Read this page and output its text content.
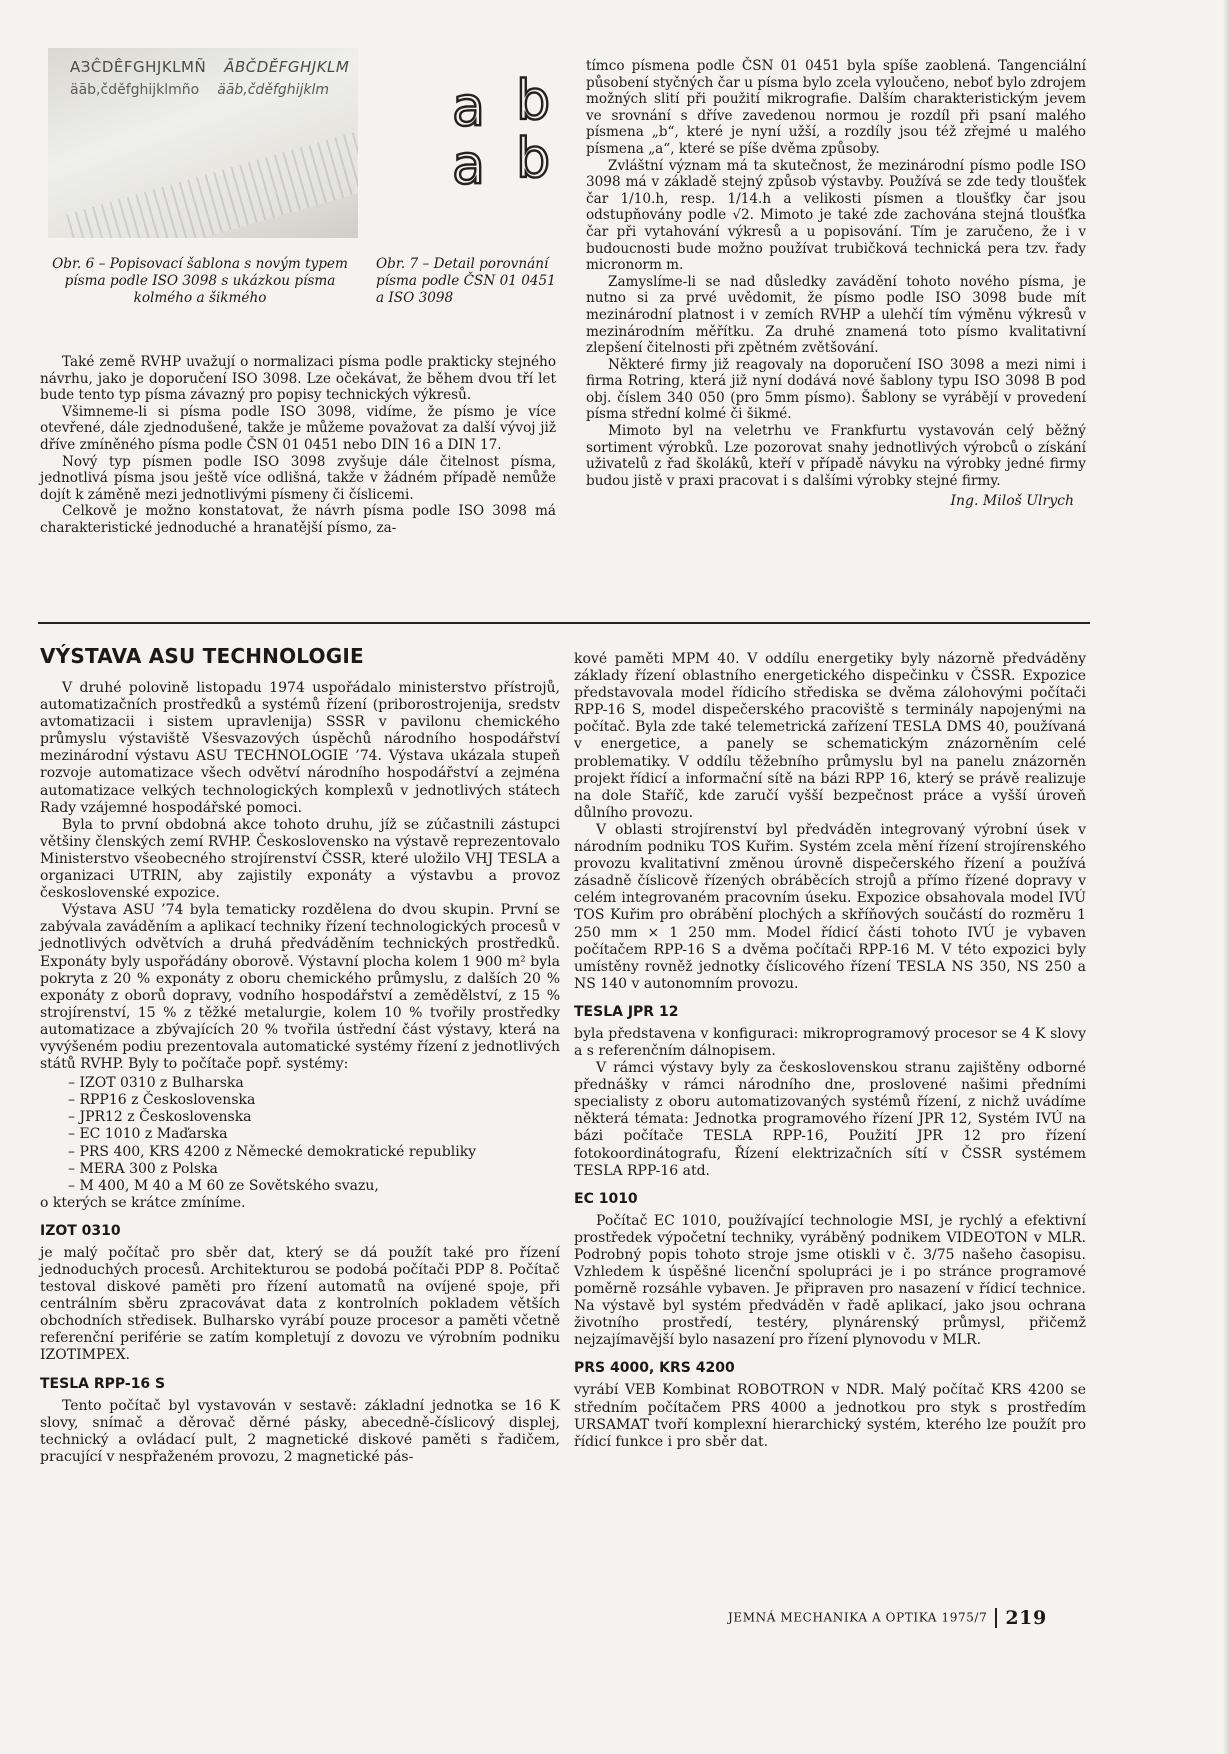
АЗĈDÊFGHJKLMÑ ĀBČDĚFGHJKLM
äāb,čděfghijklmño äāb,čděfghijklm
Obr. 6 – Popisovací šablona s novým typem písma podle ISO 3098 s ukázkou písma kolmého a šikmého
a b
a b
Obr. 7 – Detail porovnání písma podle ČSN 01 0451 a ISO 3098

Také země RVHP uvažují o normalizaci písma podle prakticky stejného návrhu, jako je doporučení ISO 3098. Lze očekávat, že během dvou tří let bude tento typ písma závazný pro popisy technických výkresů.

Všimneme-li si písma podle ISO 3098, vidíme, že písmo je více otevřené, dále zjednodušené, takže je můžeme považovat za další vývoj již dříve zmíněného písma podle ČSN 01 0451 nebo DIN 16 a DIN 17.

Nový typ písmen podle ISO 3098 zvyšuje dále čitelnost písma, jednotlivá písma jsou ještě více odlišná, takže v žádném případě nemůže dojít k záměně mezi jednotlivými písmeny či číslicemi.

Celkově je možno konstatovat, že návrh písma podle ISO 3098 má charakteristické jednoduché a hranatější písmo, za-

tímco písmena podle ČSN 01 0451 byla spíše zaoblená. Tangenciální působení styčných čar u písma bylo zcela vyloučeno, neboť bylo zdrojem možných slití při použití mikrografie. Dalším charakteristickým jevem ve srovnání s dříve zavedenou normou je rozdíl při psaní malého písmena „b“, které je nyní užší, a rozdíly jsou též zřejmé u malého písmena „a“, které se píše dvěma způsoby.

Zvláštní význam má ta skutečnost, že mezinárodní písmo podle ISO 3098 má v základě stejný způsob výstavby. Používá se zde tedy tloušťek čar 1/10.h, resp. 1/14.h a velikosti písmen a tloušťky čar jsou odstupňovány podle √2. Mimoto je také zde zachována stejná tloušťka čar při vytahování výkresů a u popisování. Tím je zaručeno, že i v budoucnosti bude možno používat trubičková technická pera tzv. řady micronorm m.

Zamyslíme-li se nad důsledky zavádění tohoto nového písma, je nutno si za prvé uvědomit, že písmo podle ISO 3098 bude mít mezinárodní platnost i v zemích RVHP a ulehčí tím výměnu výkresů v mezinárodním měřítku. Za druhé znamená toto písmo kvalitativní zlepšení čitelnosti při zpětném zvětšování.

Některé firmy již reagovaly na doporučení ISO 3098 a mezi nimi i firma Rotring, která již nyní dodává nové šablony typu ISO 3098 B pod obj. číslem 340 050 (pro 5mm písmo). Šablony se vyrábějí v provedení písma střední kolmé či šikmé.

Mimoto byl na veletrhu ve Frankfurtu vystavován celý běžný sortiment výrobků. Lze pozorovat snahy jednotlivých výrobců o získání uživatelů z řad školáků, kteří v případě návyku na výrobky jedné firmy budou jistě v praxi pracovat i s dalšími výrobky stejné firmy.

Ing. Miloš Ulrych
VÝSTAVA ASU TECHNOLOGIE

V druhé polovině listopadu 1974 uspořádalo ministerstvo přístrojů, automatizačních prostředků a systémů řízení (priborostrojenija, sredstv avtomatizacii i sistem upravlenija) SSSR v pavilonu chemického průmyslu výstaviště Všesvazových úspěchů národního hospodářství mezinárodní výstavu ASU TECHNOLOGIE ’74. Výstava ukázala stupeň rozvoje automatizace všech odvětví národního hospodářství a zejména automatizace velkých technologických komplexů v jednotlivých státech Rady vzájemné hospodářské pomoci.

Byla to první obdobná akce tohoto druhu, jíž se zúčastnili zástupci většiny členských zemí RVHP. Československo na výstavě reprezentovalo Ministerstvo všeobecného strojírenství ČSSR, které uložilo VHJ TESLA a organizaci UTRIN, aby zajistily exponáty a výstavbu a provoz československé expozice.

Výstava ASU ’74 byla tematicky rozdělena do dvou skupin. První se zabývala zaváděním a aplikací techniky řízení technologických procesů v jednotlivých odvětvích a druhá předváděním technických prostředků. Exponáty byly uspořádány oborově. Výstavní plocha kolem 1 900 m² byla pokryta z 20 % exponáty z oboru chemického průmyslu, z dalších 20 % exponáty z oborů dopravy, vodního hospodářství a zemědělství, z 15 % strojírenství, 15 % z těžké metalurgie, kolem 10 % tvořily prostředky automatizace a zbývajících 20 % tvořila ústřední část výstavy, která na vyvýšeném podiu prezentovala automatické systémy řízení z jednotlivých států RVHP. Byly to počítače popř. systémy:

– IZOT 0310 z Bulharska
– RPP16 z Československa
– JPR12 z Československa
– EC 1010 z Maďarska
– PRS 400, KRS 4200 z Německé demokratické republiky
– MERA 300 z Polska
– M 400, M 40 a M 60 ze Sovětského svazu,

o kterých se krátce zmíníme.

IZOT 0310

je malý počítač pro sběr dat, který se dá použít také pro řízení jednoduchých procesů. Architekturou se podobá počítači PDP 8. Počítač testoval diskové paměti pro řízení automatů na ovíjené spoje, při centrálním sběru zpracovávat data z kontrolních pokladem větších obchodních středisek. Bulharsko vyrábí pouze procesor a paměti včetně referenční periférie se zatím kompletují z dovozu ve výrobním podniku IZOTIMPEX.

TESLA RPP-16 S

Tento počítač byl vystavován v sestavě: základní jednotka se 16 K slovy, snímač a děrovač děrné pásky, abecedně-číslicový displej, technický a ovládací pult, 2 magnetické diskové paměti s řadičem, pracující v nespřaženém provozu, 2 magnetické pás-

kové paměti MPM 40. V oddílu energetiky byly názorně předváděny základy řízení oblastního energetického dispečinku v ČSSR. Expozice představovala model řídicího střediska se dvěma zálohovými počítači RPP-16 S, model dispečerského pracoviště s terminály napojenými na počítač. Byla zde také telemetrická zařízení TESLA DMS 40, používaná v energetice, a panely se schematickým znázorněním celé problematiky. V oddílu těžebního průmyslu byl na panelu znázorněn projekt řídicí a informační sítě na bázi RPP 16, který se právě realizuje na dole Staříč, kde zaručí vyšší bezpečnost práce a vyšší úroveň důlního provozu.

V oblasti strojírenství byl předváděn integrovaný výrobní úsek v národním podniku TOS Kuřim. Systém zcela mění řízení strojírenského provozu kvalitativní změnou úrovně dispečerského řízení a používá zásadně číslicově řízených obráběcích strojů a přímo řízené dopravy v celém integrovaném pracovním úseku. Expozice obsahovala model IVÚ TOS Kuřim pro obrábění plochých a skříňových součástí do rozměru 1 250 mm × 1 250 mm. Model řídicí části tohoto IVÚ je vybaven počítačem RPP-16 S a dvěma počítači RPP-16 M. V této expozici byly umístěny rovněž jednotky číslicového řízení TESLA NS 350, NS 250 a NS 140 v autonomním provozu.

TESLA JPR 12

byla představena v konfiguraci: mikroprogramový procesor se 4 K slovy a s referenčním dálnopisem.

V rámci výstavy byly za československou stranu zajištěny odborné přednášky v rámci národního dne, proslovené našimi předními specialisty z oboru automatizovaných systémů řízení, z nichž uvádíme některá témata: Jednotka programového řízení JPR 12, Systém IVÚ na bázi počítače TESLA RPP-16, Použití JPR 12 pro řízení fotokoordinátografu, Řízení elektrizačních sítí v ČSSR systémem TESLA RPP-16 atd.

EC 1010

Počítač EC 1010, používající technologie MSI, je rychlý a efektivní prostředek výpočetní techniky, vyráběný podnikem VIDEOTON v MLR. Podrobný popis tohoto stroje jsme otiskli v č. 3/75 našeho časopisu. Vzhledem k úspěšné licenční spolupráci je i po stránce programové poměrně rozsáhle vybaven. Je připraven pro nasazení v řídicí technice. Na výstavě byl systém předváděn v řadě aplikací, jako jsou ochrana životního prostředí, testéry, plynárenský průmysl, přičemž nejzajímavější bylo nasazení pro řízení plynovodu v MLR.

PRS 4000, KRS 4200

vyrábí VEB Kombinat ROBOTRON v NDR. Malý počítač KRS 4200 se středním počítačem PRS 4000 a jednotkou pro styk s prostředím URSAMAT tvoří komplexní hierarchický systém, kterého lze použít pro řídicí funkce i pro sběr dat.

JEMNÁ MECHANIKA A OPTIKA 1975/7 219
